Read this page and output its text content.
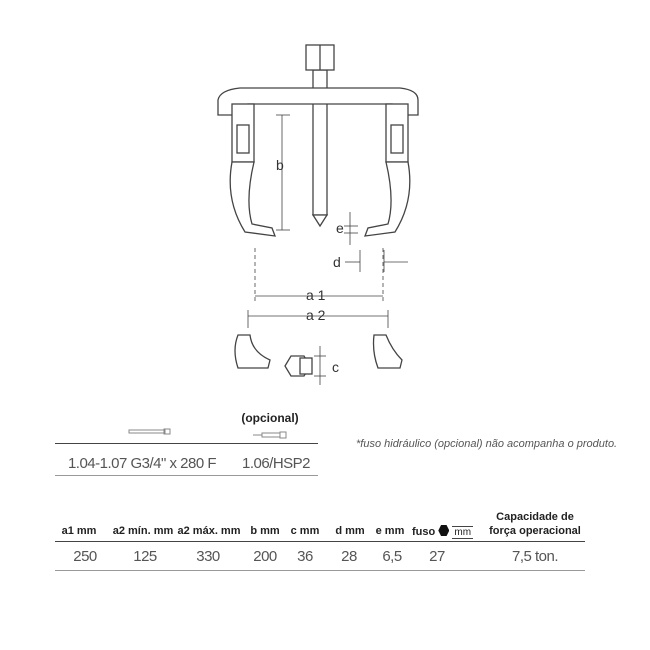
b
e
d
a 1
a 2
c
(opcional)
1.04-1.07 G3/4" x 280 F 1.06/HSP2
*fuso hidráulico (opcional) não acompanha o produto.
a1 mm a2 mín. mm a2 máx. mm b mm c mm d mm e mm fuso mm
Capacidade de
força operacional
250 125	330 200 36 28 6,5 27	7,5 ton.
